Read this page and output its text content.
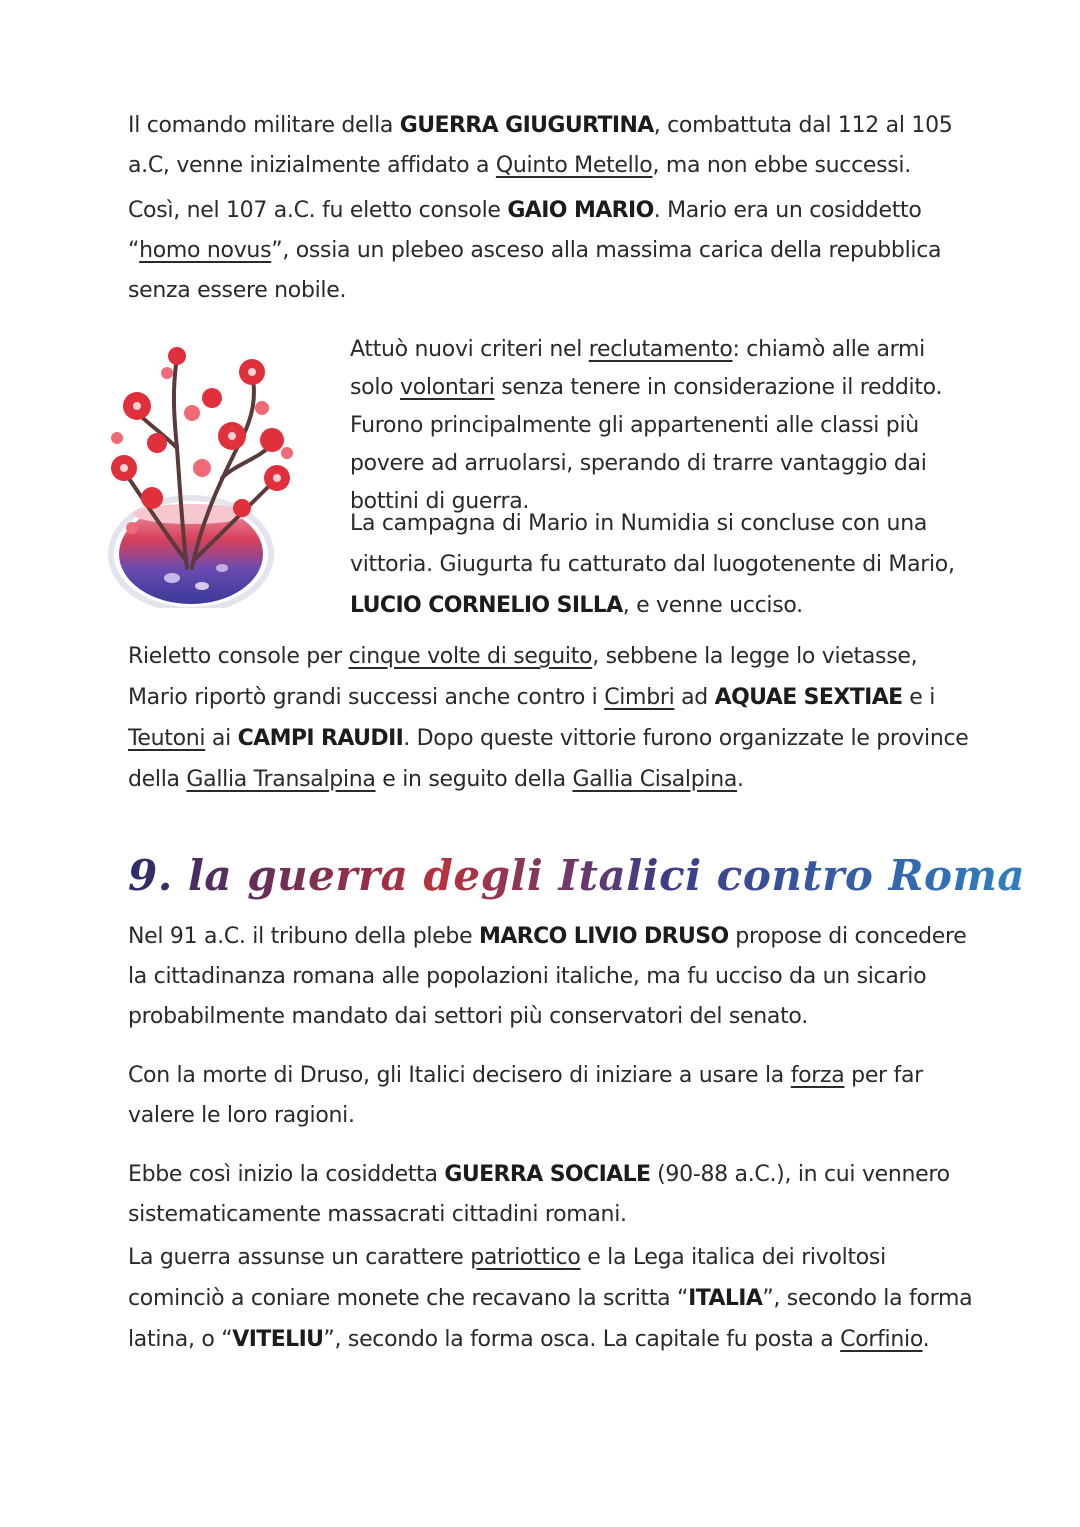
Il comando militare della GUERRA GIUGURTINA, combattuta dal 112 al 105 a.C, venne inizialmente affidato a Quinto Metello, ma non ebbe successi.

Così, nel 107 a.C. fu eletto console GAIO MARIO. Mario era un cosiddetto “homo novus”, ossia un plebeo asceso alla massima carica della repubblica senza essere nobile.

Attuò nuovi criteri nel reclutamento: chiamò alle armi solo volontari senza tenere in considerazione il reddito. Furono principalmente gli appartenenti alle classi più povere ad arruolarsi, sperando di trarre vantaggio dai bottini di guerra.

La campagna di Mario in Numidia si concluse con una vittoria. Giugurta fu catturato dal luogotenente di Mario, LUCIO CORNELIO SILLA, e venne ucciso.

Rieletto console per cinque volte di seguito, sebbene la legge lo vietasse, Mario riportò grandi successi anche contro i Cimbri ad AQUAE SEXTIAE e i Teutoni ai CAMPI RAUDII. Dopo queste vittorie furono organizzate le province della Gallia Transalpina e in seguito della Gallia Cisalpina.

9. la guerra degli Italici contro Roma

Nel 91 a.C. il tribuno della plebe MARCO LIVIO DRUSO propose di concedere la cittadinanza romana alle popolazioni italiche, ma fu ucciso da un sicario probabilmente mandato dai settori più conservatori del senato.

Con la morte di Druso, gli Italici decisero di iniziare a usare la forza per far valere le loro ragioni.

Ebbe così inizio la cosiddetta GUERRA SOCIALE (90-88 a.C.), in cui vennero sistematicamente massacrati cittadini romani.

La guerra assunse un carattere patriottico e la Lega italica dei rivoltosi cominciò a coniare monete che recavano la scritta “ITALIA”, secondo la forma latina, o “VITELIU”, secondo la forma osca. La capitale fu posta a Corfinio.
